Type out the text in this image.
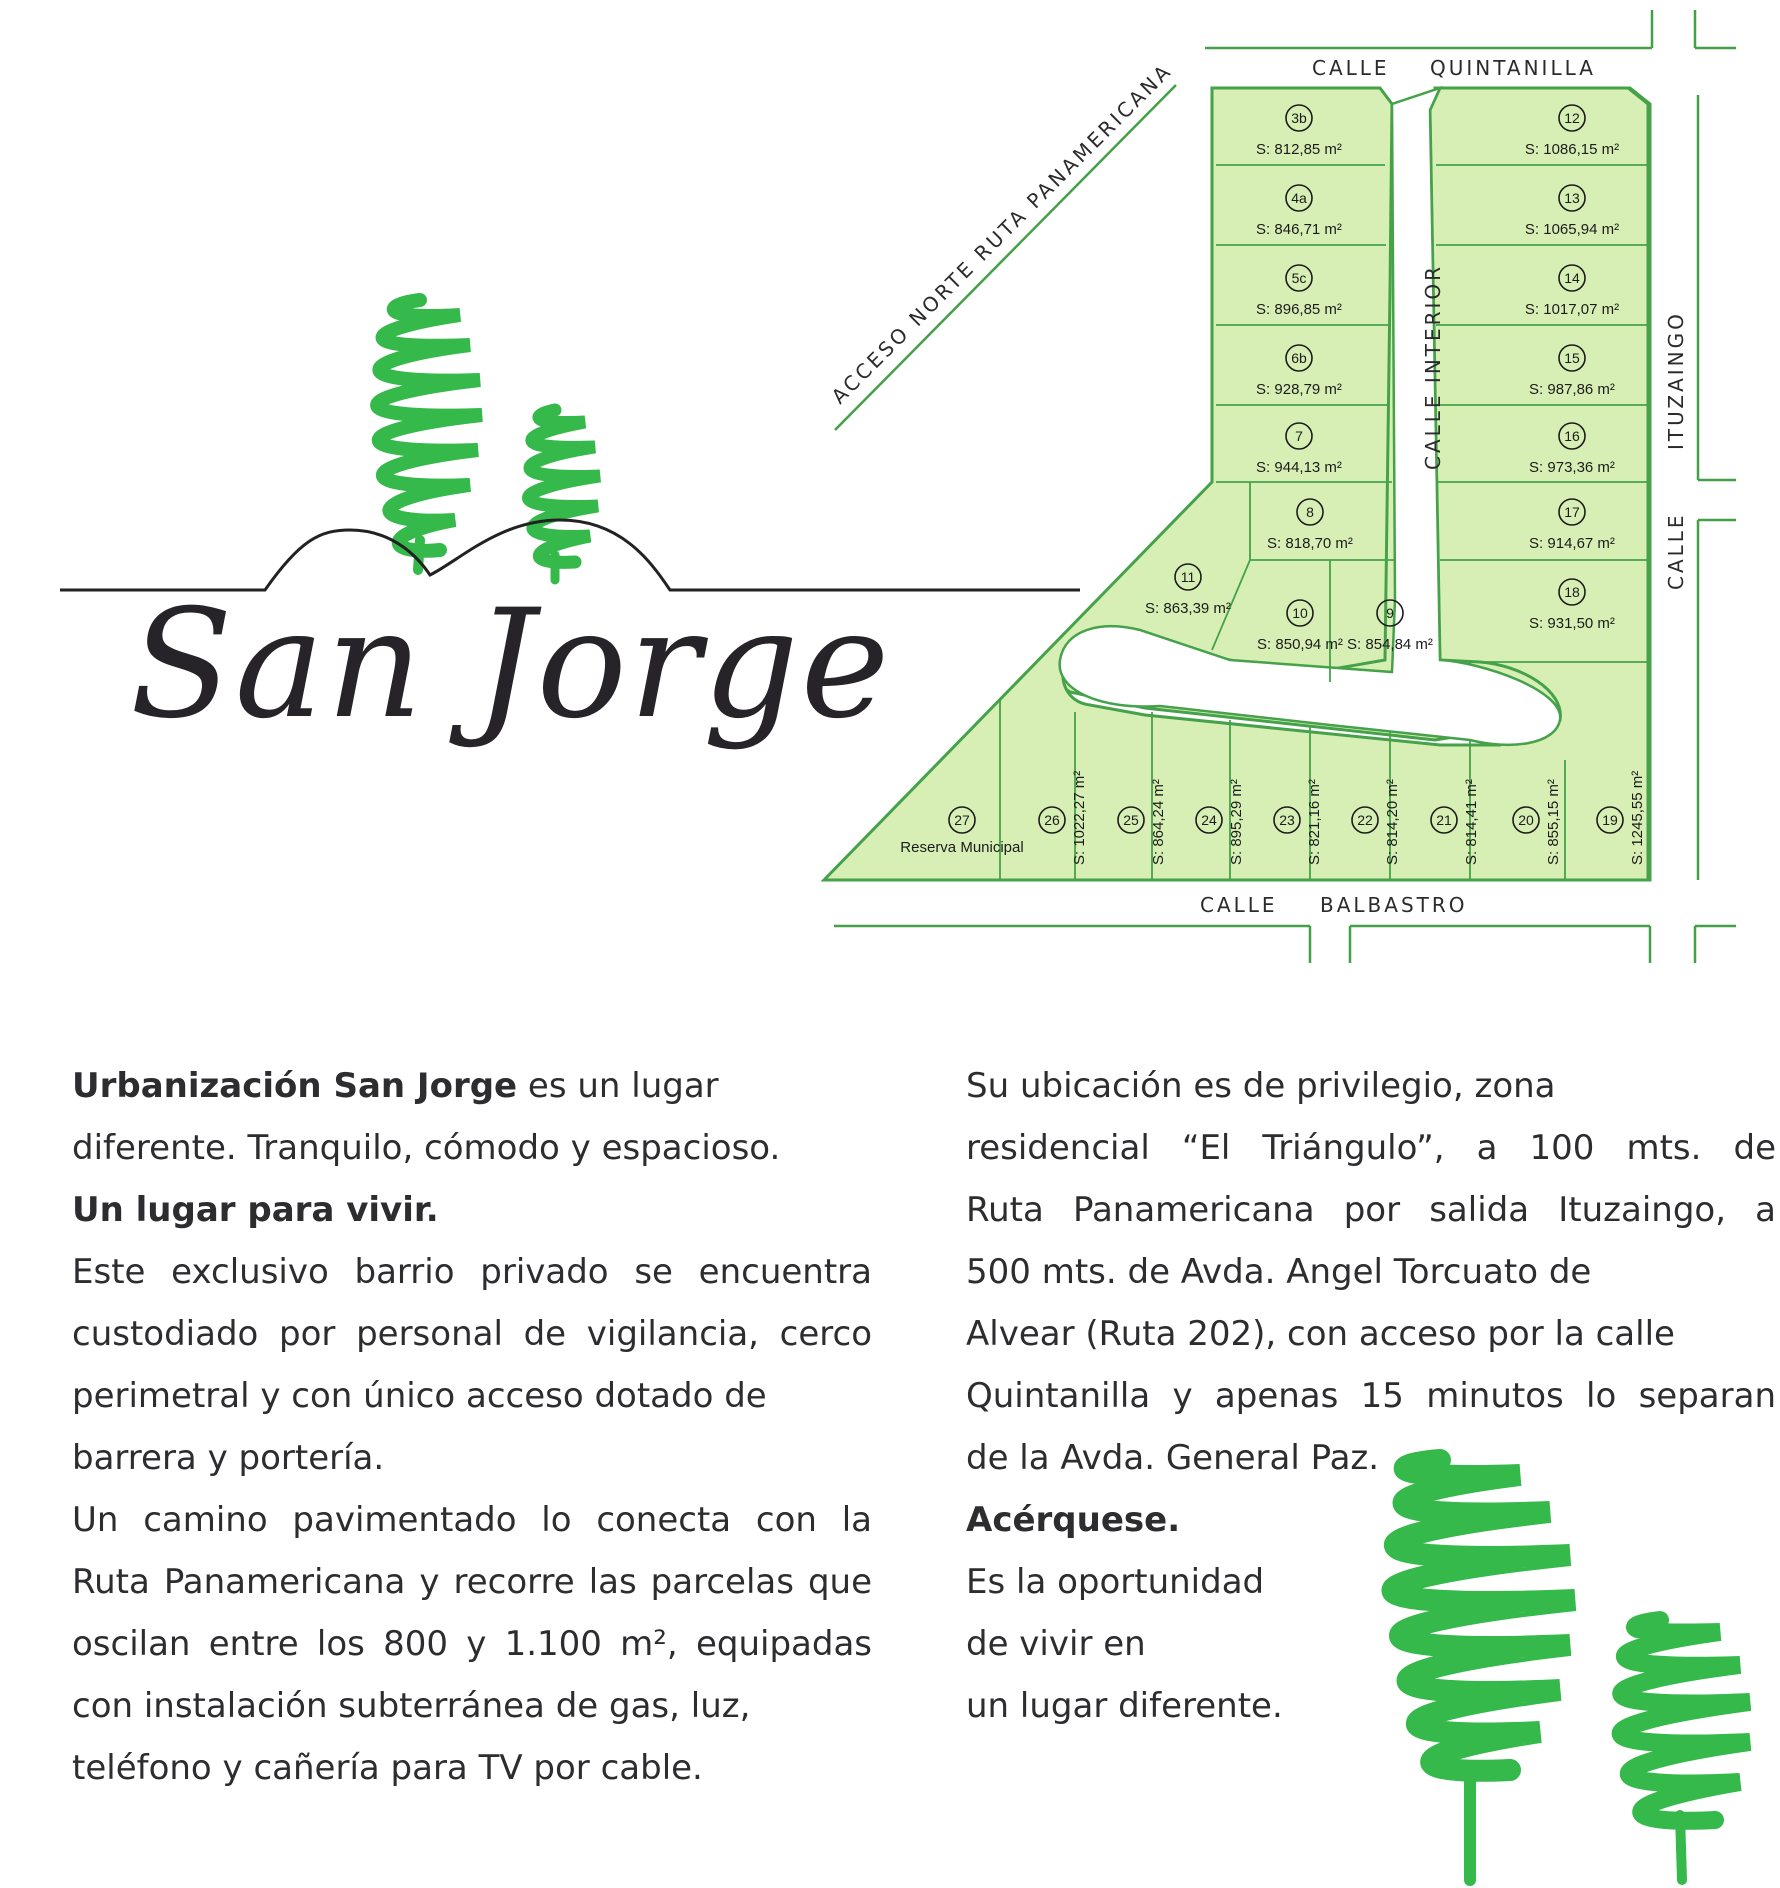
CALLE QUINTANILLA
CALLE BALBASTRO
CALLE
ITUZAINGO
CALLE INTERIOR
ACCESO NORTE RUTA PANAMERICANA	3b
S: 812,85 m²
4a
S: 846,71 m²
5c
S: 896,85 m²
6b
S: 928,79 m²
7
S: 944,13 m²
8
S: 818,70 m²
9
S: 854,84 m²
10
S: 850,94 m²
11
S: 863,39 m²
12
S: 1086,15 m²
13
S: 1065,94 m²
14
S: 1017,07 m²
15
S: 987,86 m²
16
S: 973,36 m²
17
S: 914,67 m²
18
S: 931,50 m²
19 S: 1245,55 m²
20 S: 855,15 m²
21 S: 814,41 m²
22 S: 814,20 m²
23 S: 821,16 m²
24 S: 895,29 m²
25 S: 864,24 m²
26 S: 1022,27 m²
27
Reserva Municipal
San Jorge

Urbanización San Jorge es un lugar

diferente. Tranquilo, cómodo y espacioso.

Un lugar para vivir.

Este exclusivo barrio privado se encuentra

custodiado por personal de vigilancia, cerco

perimetral y con único acceso dotado de

barrera y portería.

Un camino pavimentado lo conecta con la

Ruta Panamericana y recorre las parcelas que

oscilan entre los 800 y 1.100 m², equipadas

con instalación subterránea de gas, luz,

teléfono y cañería para TV por cable.

Su ubicación es de privilegio, zona

residencial “El Triángulo”, a 100 mts. de

Ruta Panamericana por salida Ituzaingo, a

500 mts. de Avda. Angel Torcuato de

Alvear (Ruta 202), con acceso por la calle

Quintanilla y apenas 15 minutos lo separan

de la Avda. General Paz.

Acérquese.

Es la oportunidad

de vivir en

un lugar diferente.
